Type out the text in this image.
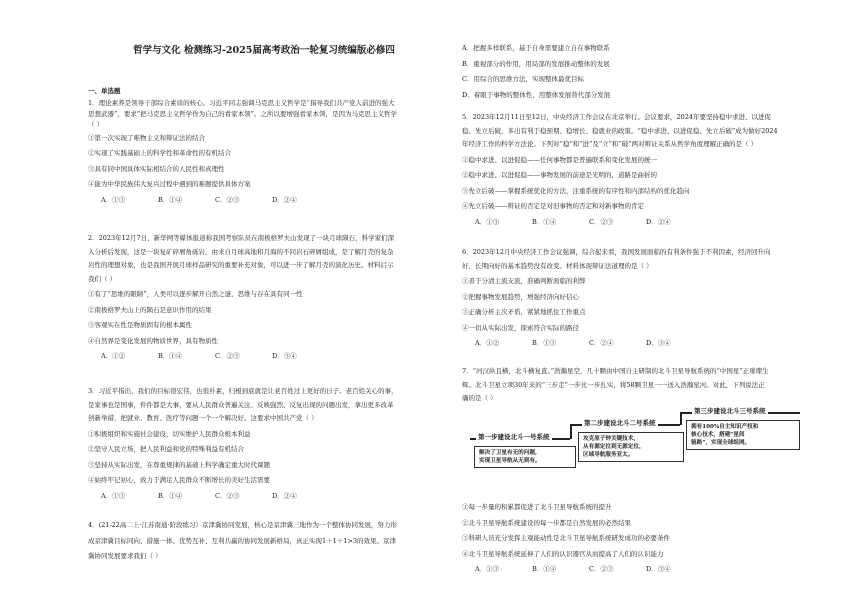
哲学与文化 检测练习-2025届高考政治一轮复习统编版必修四
一、单选题

1．理论素养是领导干部综合素质的核心。习近平同志强调马克思主义哲学是“指导我们共产党人前进的强大

思想武器”，要求“把马克思主义哲学作为自己的看家本领”。之所以要增强看家本领，是因为马克思主义哲学

（ ）

①第一次实现了唯物主义和辩证法的结合

②实现了实践基础上的科学性和革命性的有机结合

③具有同中国具体实际相结合的人民性和真理性

④能为中华民族伟大复兴过程中遇到的难题提供具体方案

A．①③	B．①④	C．②③	D．②④

2．2023年12月7日，新华网等媒体报道称我国考察队员在南极格罗夫山发现了一块月球陨石，科学家们深

入分析后发现，这是一块复矿碎屑角砾岩，由来自月球高地和月海的不同岩石碎屑组成，是了解月壳的复杂

岩性的理想对象，也是我国开展月球样品研究的重要补充对象，可以进一步了解月壳的演化历史。材料启示

我们（ ）

①有了“思维的眼睛”，人类可以逐步解开自然之谜，思维与存在具有同一性

②南极格罗夫山上的陨石是意识作用的结果

③客观实在性是物质固有的根本属性

④自然界是变化发展的物质世界，具有物质性

A．①②	B．①④	C．②③	D．③④

3．习近平指出，我们的目标很宏伟，也很朴素，归根到底就是让老百姓过上更好的日子。老百姓关心的事，

是家事也是国事，件件都是大事，要从人民群众普遍关注、反映强烈、反复出现的问题出发，拿出更多改革

创新举措，把就业、教育、医疗等问题一个一个解决好。这要求中国共产党（ ）

①积极组织和实施社会建设，切实维护人民群众根本利益

②坚守人民立场，把人民利益和党的特殊利益有机结合

③坚持从实际出发，在尊重规律的基础上科学确定重大时代课题

④始终牢记初心，致力于满足人民群众不断增长的美好生活需要

A．①③	B．①④	C．②③	D．②④

4．(21-22高二上·江苏南通·阶段练习）京津冀协同发展，核心是京津冀三地作为一个整体协同发展，努力形

成京津冀目标同向、措施一体、优势互补、互利共赢的协同发展新格局，真正实现1＋1＋1>3的效果。京津

冀协同发展要求我们（ ）

A．把握多样联系，基于自身需要建立自在事物联系

B．重视部分的作用，用局部的发展推动整体的发展

C．用综合的思维方法，实现整体最优目标

D．着眼于事物的整体性，用整体发展替代部分发展

5．2023年12月11日至12日，中央经济工作会议在北京举行。会议要求，2024年要坚持稳中求进、以进促

稳、先立后破，多出有利于稳预期、稳增长、稳就业的政策。“稳中求进、以进促稳、先立后破”成为做好2024

年经济工作的科学方法论。下列对“稳”和“进”及“立”和“破”两对辩证关系从哲学角度理解正确的是（ ）

①稳中求进、以进促稳——任何事物都是普遍联系和变化发展的统一

②稳中求进、以进促稳——事物发展的前途是光明的，道路是曲折的

③先立后破——掌握系统优化的方法，注重系统的有序性和内部结构的优化趋向

④先立后破——辩证的否定是对旧事物的否定和对新事物的肯定

A．①③	B．①④	C．②③	D．②④

6．2023年12月中央经济工作会议强调，综合起来看，我国发展面临的有利条件强于不利因素，经济回升向

好、长期向好的基本趋势没有改变。材料体现辩证法道理的是（ ）

①善于分清主流支流，准确判断面临的利弊

②把握事物发展趋势，增强经济向好信心

③正确分析主次矛盾，紧紧地抓住工作重点

④一切从实际出发，探索符合实际的路径

A．①②	B．①③	C．②④	D．③④

7．“河汉纵且横，北斗横复直。”浩瀚星空，几十颗由中国自主研制的北斗卫星导航系统的“中国星”正璀璨生

辉。北斗卫星立项30年来的“三步走”一步比一步扎实，将58颗卫星一一送入浩瀚星河。对此，下列说法正

确的是（ ）

第一步建设北斗一号系统
第二步建设北斗二号系统
第三步建设北斗三号系统
解决了卫星有无的问题，
实现卫星导航从无到有。
攻克原子钟关键技术，
从有源定位到无源定位，
区域导航服务亚太。
拥有100%自主知识产权和
核心技术，搭建“星间
链路”，实现全球组网。

①每一步量的积累都促进了北斗卫星导航系统的提升

②北斗卫星导航系统建设的每一步都是自然发展的必然结果

③科研人员充分发挥主观能动性是北斗卫星导航系统研发成功的必要条件

④北斗卫星导航系统延伸了人们的认识器官从而提高了人们的认识能力

A．①③	B．①④	C．②③	D．③④
